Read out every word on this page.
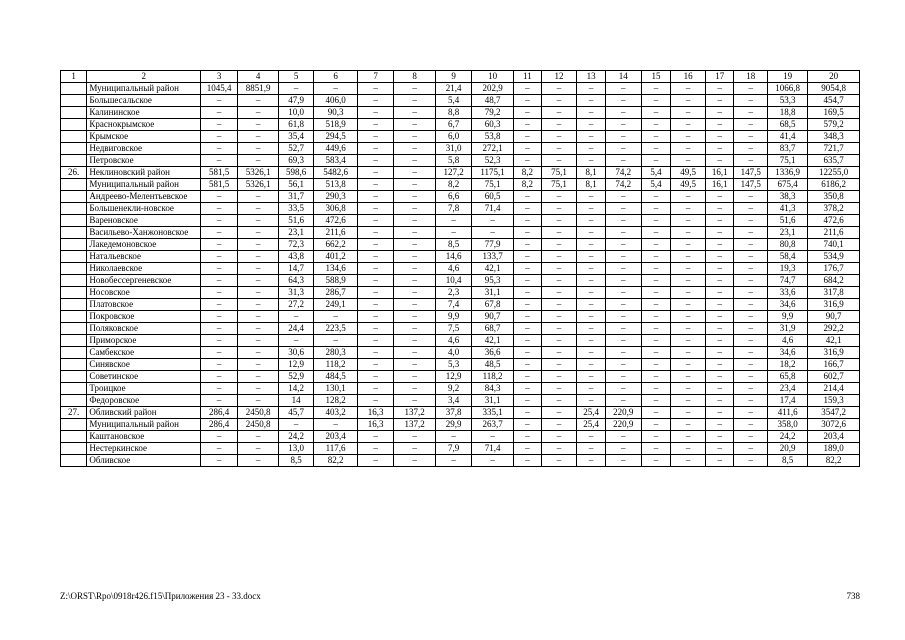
1	2	3	4	5	6	7	8	9	10	11	12	13	14	15	16	17	18	19	20
	Муниципальный район	1045,4	8851,9	–	–	–	–	21,4	202,9	–	–	–	–	–	–	–	–	1066,8	9054,8
	Большесальское	–	–	47,9	406,0	–	–	5,4	48,7	–	–	–	–	–	–	–	–	53,3	454,7
	Калининское	–	–	10,0	90,3	–	–	8,8	79,2	–	–	–	–	–	–	–	–	18,8	169,5
	Краснокрымское	–	–	61,8	518,9	–	–	6,7	60,3	–	–	–	–	–	–	–	–	68,5	579,2
	Крымское	–	–	35,4	294,5	–	–	6,0	53,8	–	–	–	–	–	–	–	–	41,4	348,3
	Недвиговское	–	–	52,7	449,6	–	–	31,0	272,1	–	–	–	–	–	–	–	–	83,7	721,7
	Петровское	–	–	69,3	583,4	–	–	5,8	52,3	–	–	–	–	–	–	–	–	75,1	635,7
26.	Неклиновский район	581,5	5326,1	598,6	5482,6	–	–	127,2	1175,1	8,2	75,1	8,1	74,2	5,4	49,5	16,1	147,5	1336,9	12255,0
	Муниципальный район	581,5	5326,1	56,1	513,8	–	–	8,2	75,1	8,2	75,1	8,1	74,2	5,4	49,5	16,1	147,5	675,4	6186,2
	Андреево-Мелентьевское	–	–	31,7	290,3	–	–	6,6	60,5	–	–	–	–	–	–	–	–	38,3	350,8
	Большенекли-новское	–	–	33,5	306,8	–	–	7,8	71,4	–	–	–	–	–	–	–	–	41,3	378,2
	Вареновское	–	–	51,6	472,6	–	–	–	–	–	–	–	–	–	–	–	–	51,6	472,6
	Васильево-Ханжоновское	–	–	23,1	211,6	–	–	–	–	–	–	–	–	–	–	–	–	23,1	211,6
	Лакедемоновское	–	–	72,3	662,2	–	–	8,5	77,9	–	–	–	–	–	–	–	–	80,8	740,1
	Натальевское	–	–	43,8	401,2	–	–	14,6	133,7	–	–	–	–	–	–	–	–	58,4	534,9
	Николаевское	–	–	14,7	134,6	–	–	4,6	42,1	–	–	–	–	–	–	–	–	19,3	176,7
	Новобессергеневское	–	–	64,3	588,9	–	–	10,4	95,3	–	–	–	–	–	–	–	–	74,7	684,2
	Носовское	–	–	31,3	286,7	–	–	2,3	31,1	–	–	–	–	–	–	–	–	33,6	317,8
	Платовское	–	–	27,2	249,1	–	–	7,4	67,8	–	–	–	–	–	–	–	–	34,6	316,9
	Покровское	–	–	–	–	–	–	9,9	90,7	–	–	–	–	–	–	–	–	9,9	90,7
	Поляковское	–	–	24,4	223,5	–	–	7,5	68,7	–	–	–	–	–	–	–	–	31,9	292,2
	Приморское	–	–	–	–	–	–	4,6	42,1	–	–	–	–	–	–	–	–	4,6	42,1
	Самбекское	–	–	30,6	280,3	–	–	4,0	36,6	–	–	–	–	–	–	–	–	34,6	316,9
	Синявское	–	–	12,9	118,2	–	–	5,3	48,5	–	–	–	–	–	–	–	–	18,2	166,7
	Советинское	–	–	52,9	484,5	–	–	12,9	118,2	–	–	–	–	–	–	–	–	65,8	602,7
	Троицкое	–	–	14,2	130,1	–	–	9,2	84,3	–	–	–	–	–	–	–	–	23,4	214,4
	Федоровское	–	–	14	128,2	–	–	3,4	31,1	–	–	–	–	–	–	–	–	17,4	159,3
27.	Обливский район	286,4	2450,8	45,7	403,2	16,3	137,2	37,8	335,1	–	–	25,4	220,9	–	–	–	–	411,6	3547,2
	Муниципальный район	286,4	2450,8	–	–	16,3	137,2	29,9	263,7	–	–	25,4	220,9	–	–	–	–	358,0	3072,6
	Каштановское	–	–	24,2	203,4	–	–	–	–	–	–	–	–	–	–	–	–	24,2	203,4
	Нестеркинское	–	–	13,0	117,6	–	–	7,9	71,4	–	–	–	–	–	–	–	–	20,9	189,0
	Обливское	–	–	8,5	82,2	–	–	–	–	–	–	–	–	–	–	–	–	8,5	82,2
Z:\ORST\Rpo\0918r426.f15\Приложения 23 - 33.docx	738
